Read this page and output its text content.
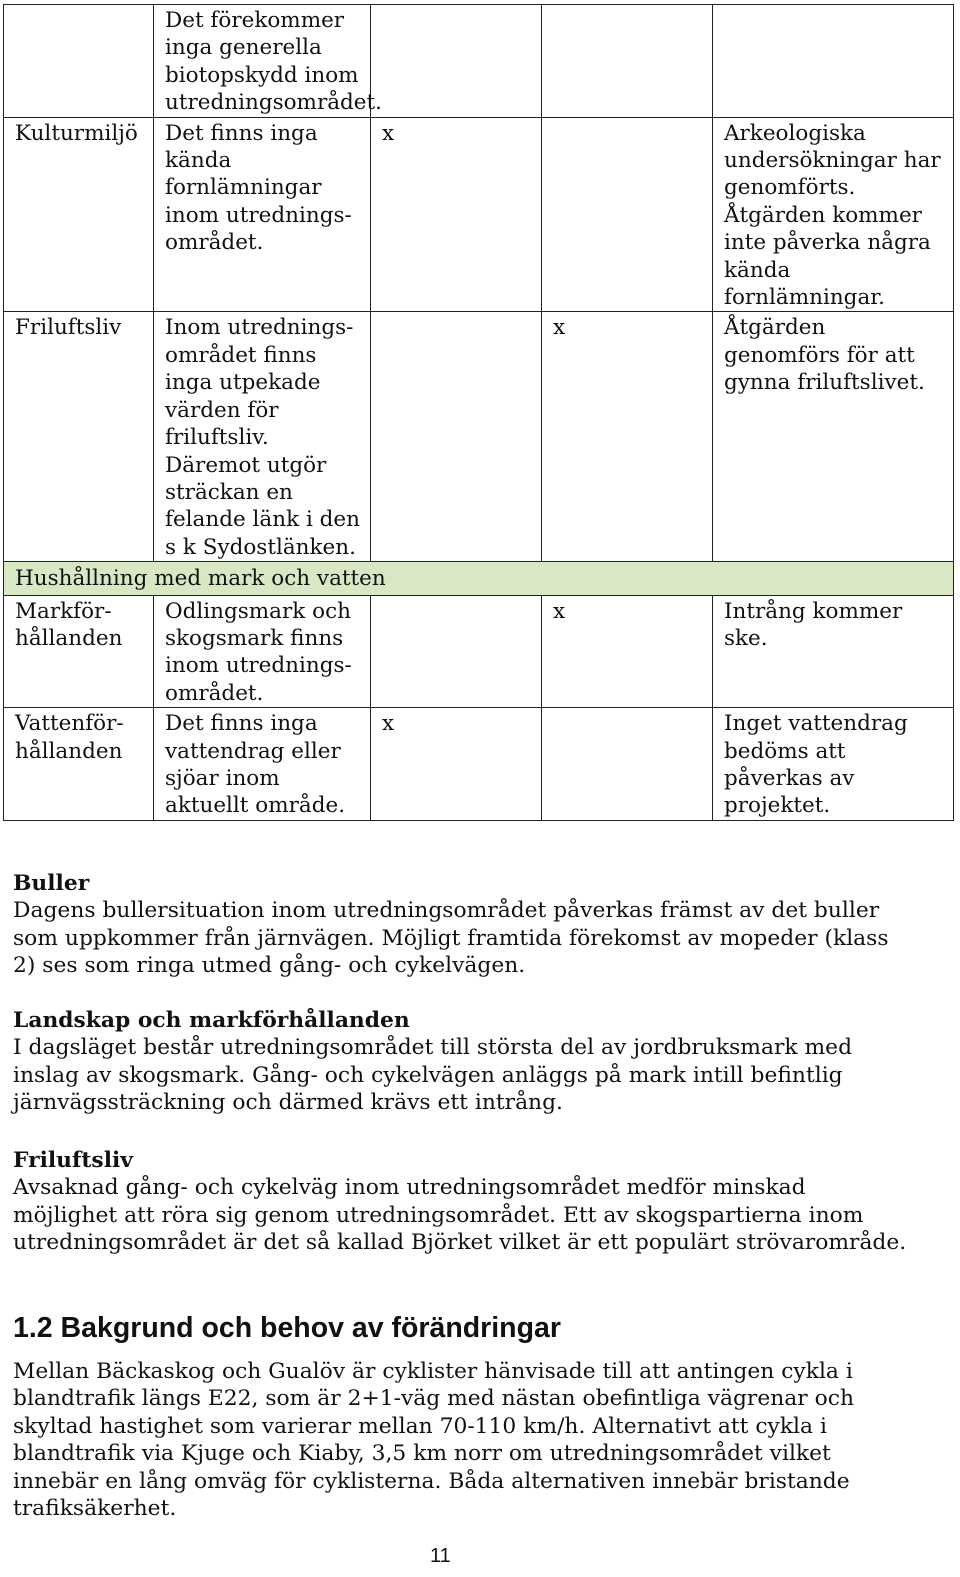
	Det förekommer inga generella biotopskydd inom utredningsområdet.			

Kulturmiljö	Det finns inga kända fornlämningar inom utredningsområdet.	x		Arkeologiska undersökningar har genomförts. Åtgärden kommer inte påverka några kända fornlämningar.
Friluftsliv	Inom utredningsområdet finns inga utpekade värden för friluftsliv. Däremot utgör sträckan en felande länk i den s k Sydostlänken.		x	Åtgärden genomförs för att gynna friluftslivet.
Hushållning med mark och vatten				
Markförhållanden	Odlingsmark och skogsmark finns inom utredningsområdet.		x	Intrång kommer ske.
Vattenförhållanden	Det finns inga vattendrag eller sjöar inom aktuellt område.	x		Inget vattendrag bedöms att påverkas av projektet.
Buller

Dagens bullersituation inom utredningsområdet påverkas främst av det buller som uppkommer från järnvägen. Möjligt framtida förekomst av mopeder (klass 2) ses som ringa utmed gång- och cykelvägen.

Landskap och markförhållanden

I dagsläget består utredningsområdet till största del av jordbruksmark med inslag av skogsmark. Gång- och cykelvägen anläggs på mark intill befintlig järnvägssträckning och därmed krävs ett intrång.

Friluftsliv

Avsaknad gång- och cykelväg inom utredningsområdet medför minskad möjlighet att röra sig genom utredningsområdet. Ett av skogspartierna inom utredningsområdet är det så kallad Björket vilket är ett populärt strövarområde.

1.2 Bakgrund och behov av förändringar

Mellan Bäckaskog och Gualöv är cyklister hänvisade till att antingen cykla i blandtrafik längs E22, som är 2+1-väg med nästan obefintliga vägrenar och skyltad hastighet som varierar mellan 70-110 km/h. Alternativt att cykla i blandtrafik via Kjuge och Kiaby, 3,5 km norr om utredningsområdet vilket innebär en lång omväg för cyklisterna. Båda alternativen innebär bristande trafiksäkerhet.

11
